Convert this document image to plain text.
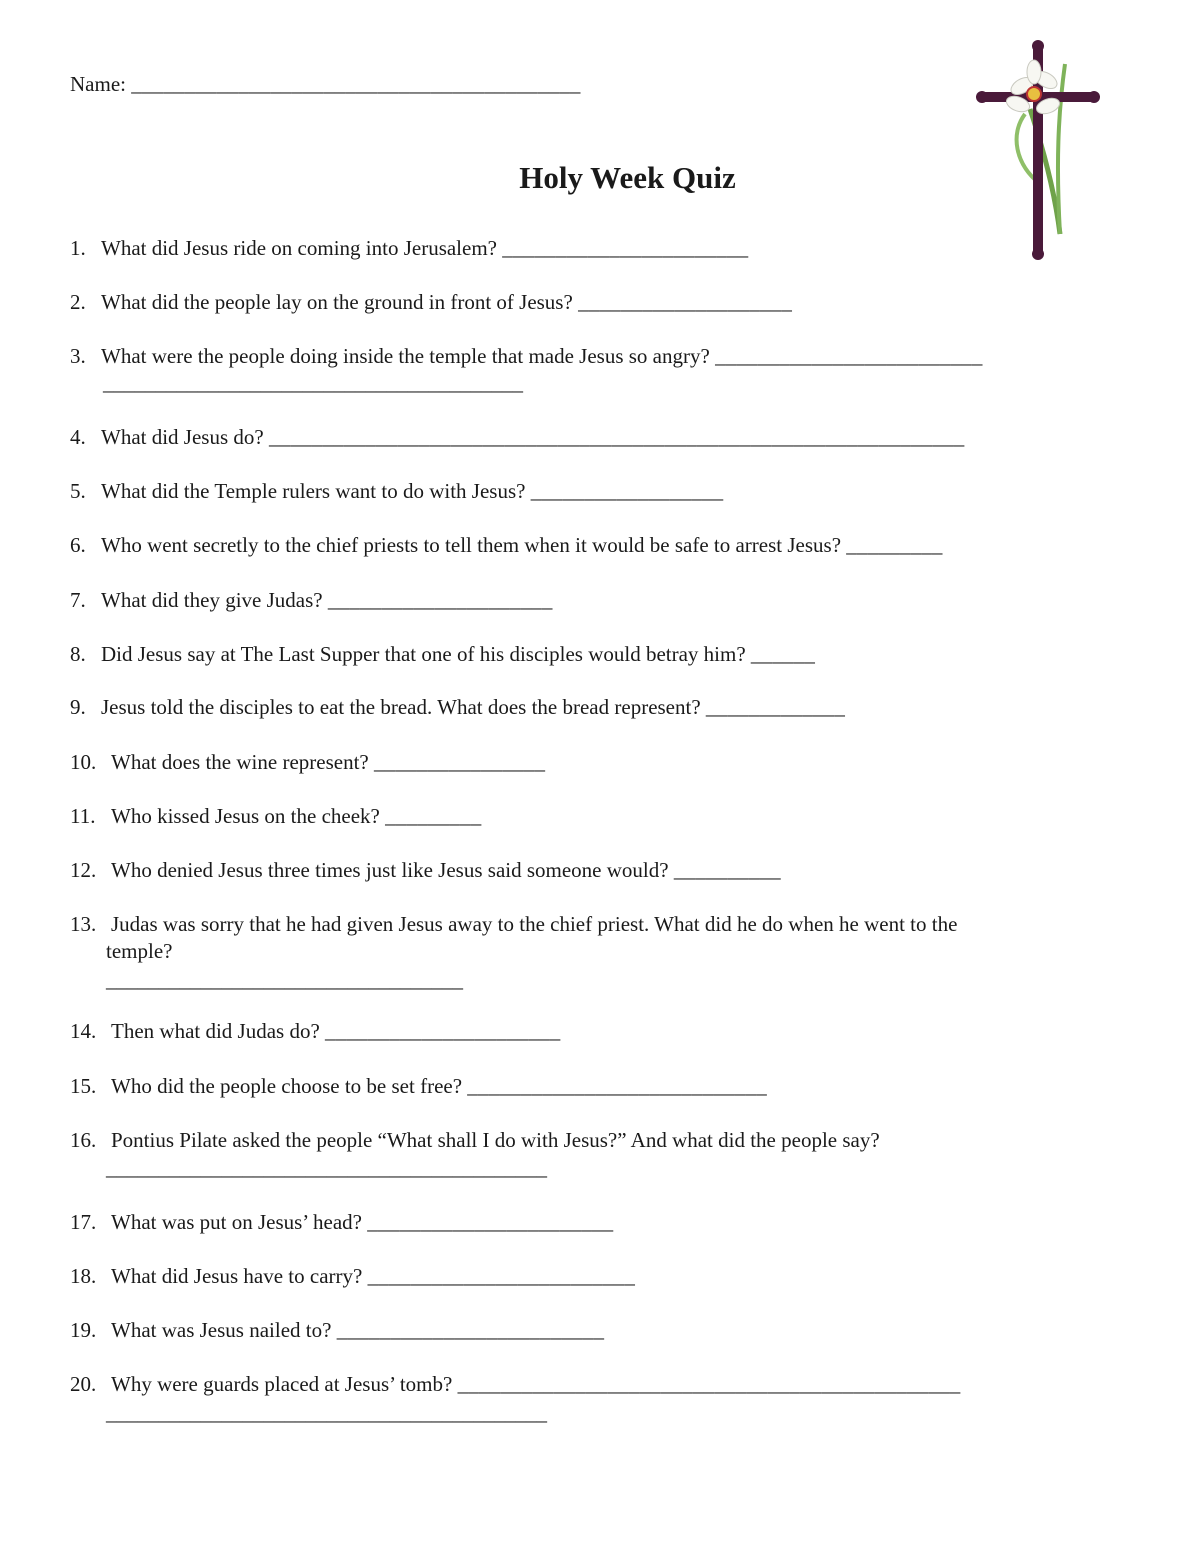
Name: __________________________________________
Holy Week Quiz
1. What did Jesus ride on coming into Jerusalem? _______________________
2. What did the people lay on the ground in front of Jesus? ____________________
3. What were the people doing inside the temple that made Jesus so angry? _________________________
________________________________________
4. What did Jesus do? _________________________________________________________________
5. What did the Temple rulers want to do with Jesus? __________________
6. Who went secretly to the chief priests to tell them when it would be safe to arrest Jesus? _________
7. What did they give Judas? _____________________
8. Did Jesus say at The Last Supper that one of his disciples would betray him? ______
9. Jesus told the disciples to eat the bread. What does the bread represent? _____________
10. What does the wine represent? ________________
11. Who kissed Jesus on the cheek? _________
12. Who denied Jesus three times just like Jesus said someone would? __________
13. Judas was sorry that he had given Jesus away to the chief priest. What did he do when he went to the
temple?
__________________________________
14. Then what did Judas do? ______________________
15. Who did the people choose to be set free? ____________________________
16. Pontius Pilate asked the people “What shall I do with Jesus?” And what did the people say?
__________________________________________
17. What was put on Jesus’ head? _______________________
18. What did Jesus have to carry? _________________________
19. What was Jesus nailed to? _________________________
20. Why were guards placed at Jesus’ tomb? _______________________________________________
__________________________________________
